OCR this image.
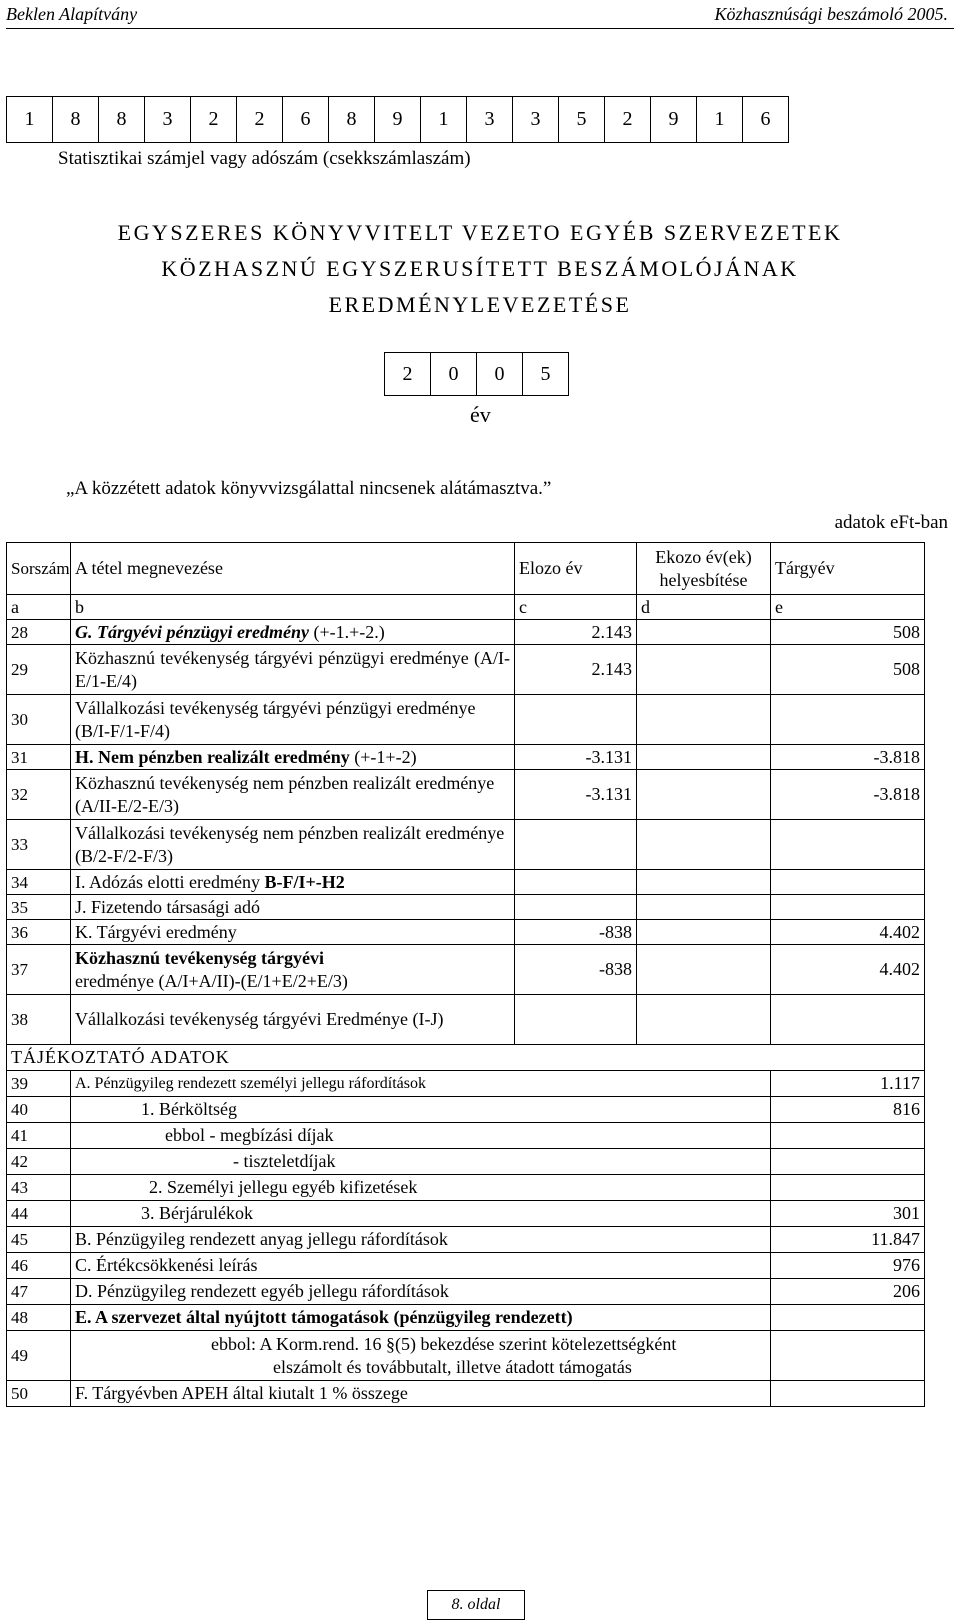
Beklen Alapítvány	Közhasznúsági beszámoló 2005.
1	8	8	3	2	2	6	8	9	1	3	3	5	2	9	1	6
Statisztikai számjel vagy adószám (csekkszámlaszám)
EGYSZERES KÖNYVVITELT VEZETO EGYÉB SZERVEZETEK
KÖZHASZNÚ EGYSZERUSÍTETT BESZÁMOLÓJÁNAK
EREDMÉNYLEVEZETÉSE
2	0	0	5
év
„A közzétett adatok könyvvizsgálattal nincsenek alátámasztva.”
adatok eFt-ban
Sorszám	A tétel megnevezése	Elozo év	Ekozo év(ek) helyesbítése	Tárgyév
a	b	c	d	e
28	G. Tárgyévi pénzügyi eredmény (+-1.+-2.)	2.143		508
29	Közhasznú tevékenység tárgyévi pénzügyi eredménye (A/I-E/1-E/4)	2.143		508
30	Vállalkozási tevékenység tárgyévi pénzügyi eredménye (B/I-F/1-F/4)			
31	H. Nem pénzben realizált eredmény (+-1+-2)	-3.131		-3.818
32	Közhasznú tevékenység nem pénzben realizált eredménye (A/II-E/2-E/3)	-3.131		-3.818
33	Vállalkozási tevékenység nem pénzben realizált eredménye (B/2-F/2-F/3)			
34	I. Adózás elotti eredmény B-F/I+-H2			
35	J. Fizetendo társasági adó			
36	K. Tárgyévi eredmény	-838		4.402
37	Közhasznú tevékenység tárgyévi
eredménye (A/I+A/II)-(E/1+E/2+E/3)	-838		4.402
38	Vállalkozási tevékenység tárgyévi Eredménye (I-J)			
TÁJÉKOZTATÓ ADATOK				
39	A. Pénzügyileg rendezett személyi jellegu ráfordítások			1.117
40	1. Bérköltség			816
41	ebbol - megbízási díjak			
42	- tiszteletdíjak			
43	2. Személyi jellegu egyéb kifizetések			
44	3. Bérjárulékok			301
45	B. Pénzügyileg rendezett anyag jellegu ráfordítások			11.847
46	C. Értékcsökkenési leírás			976
47	D. Pénzügyileg rendezett egyéb jellegu ráfordítások			206
48	E. A szervezet által nyújtott támogatások (pénzügyileg rendezett)			
49	ebbol: A Korm.rend. 16 §(5) bekezdése szerint kötelezettségként
elszámolt és továbbutalt, illetve átadott támogatás			

50	F. Tárgyévben APEH által kiutalt 1 % összege			
8. oldal
